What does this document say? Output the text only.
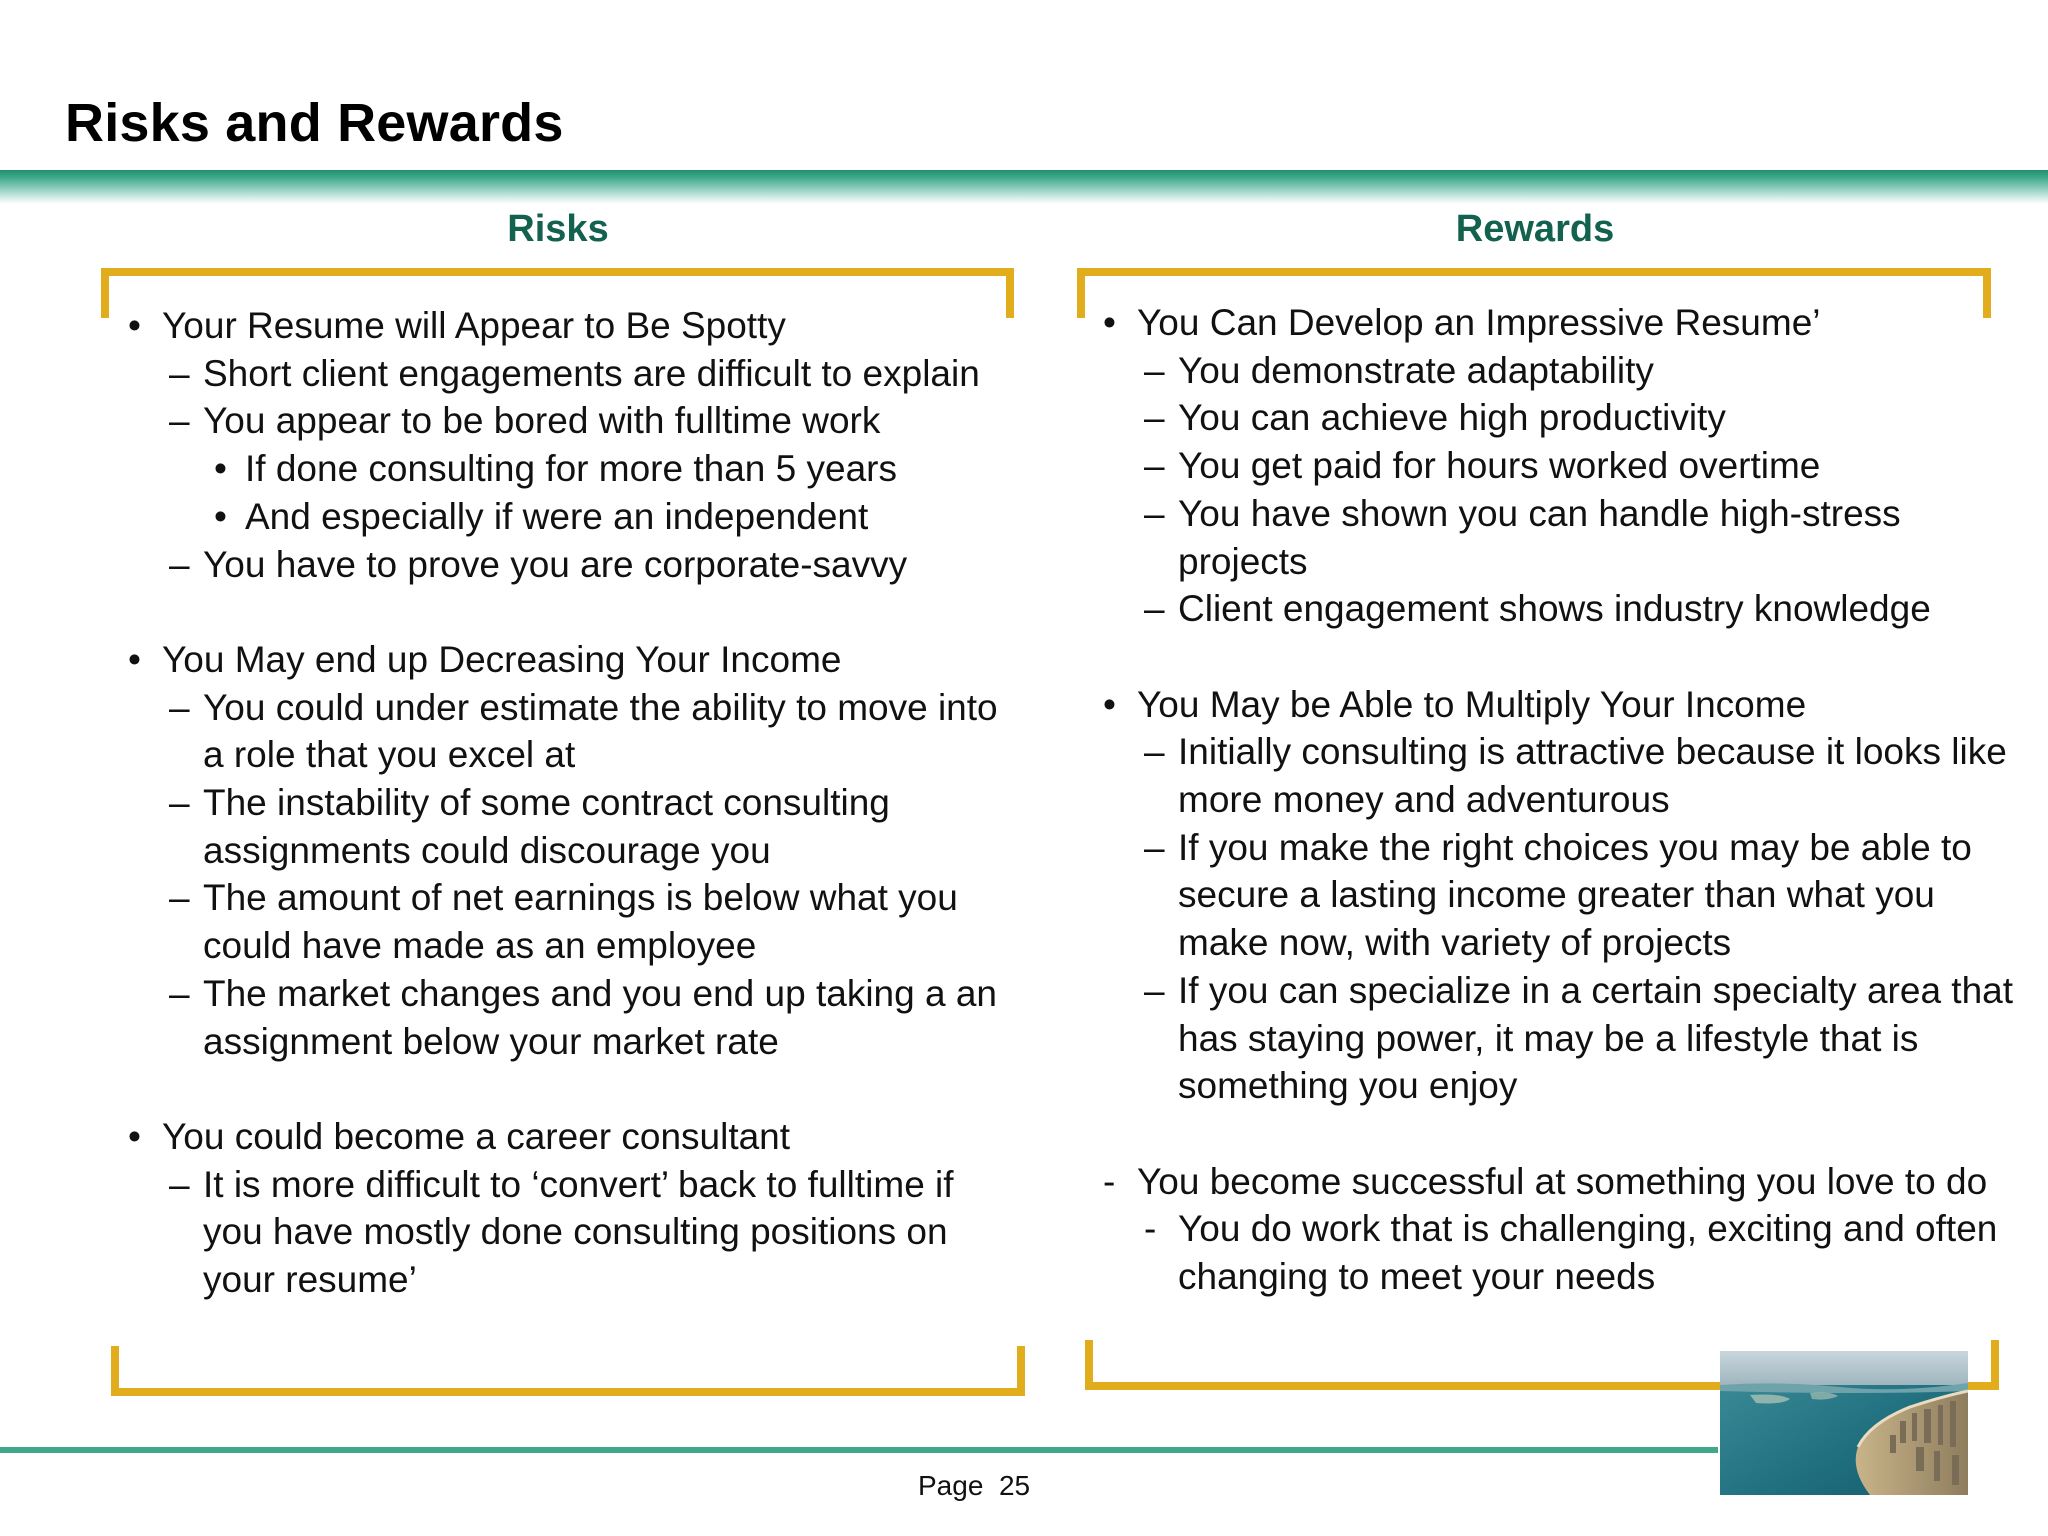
Risks and Rewards
Risks
• Your Resume will Appear to Be Spotty
– Short client engagements are difficult to explain
– You appear to be bored with fulltime work
• If done consulting for more than 5 years
• And especially if were an independent
– You have to prove you are corporate-savvy
• You May end up Decreasing Your Income
– You could under estimate the ability to move into a role that you excel at
– The instability of some contract consulting assignments could discourage you
– The amount of net earnings is below what you could have made as an employee
– The market changes and you end up taking a an assignment below your market rate
• You could become a career consultant
– It is more difficult to ‘convert’ back to fulltime if you have mostly done consulting positions on your resume’
Rewards
• You Can Develop an Impressive Resume’
– You demonstrate adaptability
– You can achieve high productivity
– You get paid for hours worked overtime
– You have shown you can handle high-stress projects
– Client engagement shows industry knowledge
• You May be Able to Multiply Your Income
– Initially consulting is attractive because it looks like more money and adventurous
– If you make the right choices you may be able to secure a lasting income greater than what you make now, with variety of projects
– If you can specialize in a certain specialty area that has staying power, it may be a lifestyle that is something you enjoy
- You become successful at something you love to do
- You do work that is challenging, exciting and often changing to meet your needs
Page 25
